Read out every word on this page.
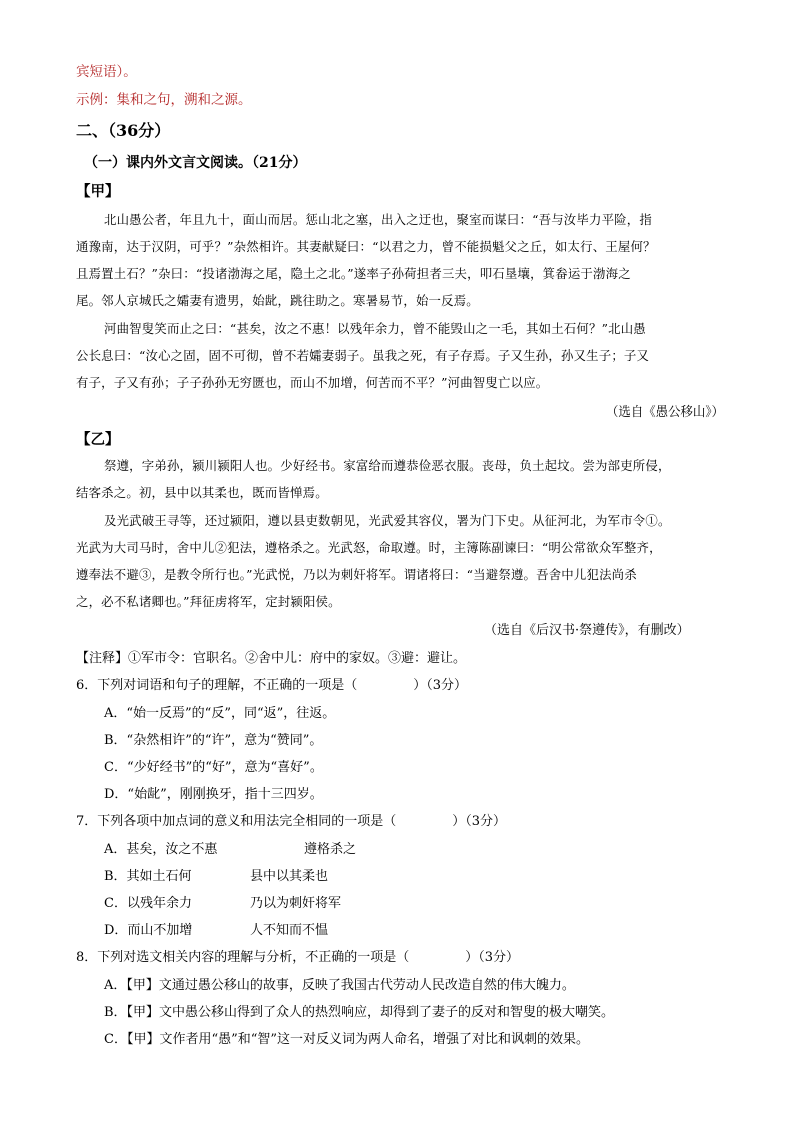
宾短语）。
示例：集和之句，溯和之源。
二、（36分）
（一）课内外文言文阅读。（21分）
【甲】
北山愚公者，年且九十，面山而居。惩山北之塞，出入之迂也，聚室而谋曰：“吾与汝毕力平险，指
通豫南，达于汉阴，可乎？”杂然相许。其妻献疑曰：“以君之力，曾不能损魁父之丘，如太行、王屋何？
且焉置土石？”杂曰：“投诸渤海之尾，隐土之北。”遂率子孙荷担者三夫，叩石垦壤，箕畚运于渤海之
尾。邻人京城氏之孀妻有遗男，始龀，跳往助之。寒暑易节，始一反焉。
河曲智叟笑而止之曰：“甚矣，汝之不惠！以残年余力，曾不能毁山之一毛，其如土石何？”北山愚
公长息曰：“汝心之固，固不可彻，曾不若孀妻弱子。虽我之死，有子存焉。子又生孙，孙又生子；子又
有子，子又有孙；子子孙孙无穷匮也，而山不加增，何苦而不平？”河曲智叟亡以应。
（选自《愚公移山》）
【乙】
祭遵，字弟孙，颍川颍阳人也。少好经书。家富给而遵恭俭恶衣服。丧母，负土起坟。尝为部吏所侵，
结客杀之。初，县中以其柔也，既而皆惮焉。
及光武破王寻等，还过颍阳，遵以县吏数朝见，光武爱其容仪，署为门下史。从征河北，为军市令①。
光武为大司马时，舍中儿②犯法，遵格杀之。光武怒，命取遵。时，主簿陈副谏曰：“明公常欲众军整齐，
遵奉法不避③，是教令所行也。”光武悦，乃以为刺奸将军。谓诸将曰：“当避祭遵。吾舍中儿犯法尚杀
之，必不私诸卿也。”拜征虏将军，定封颍阳侯。
（选自《后汉书·祭遵传》，有删改）
【注释】①军市令：官职名。②舍中儿：府中的家奴。③避：避让。
6．下列对词语和句子的理解，不正确的一项是（	）（3分）
A．“始一反焉”的“反”，同“返”，往返。
B．“杂然相许”的“许”，意为“赞同”。
C．“少好经书”的“好”，意为“喜好”。
D．“始龀”，刚刚换牙，指十三四岁。
7．下列各项中加点词的意义和用法完全相同的一项是（	）（3分）
A．甚矣，汝之不惠	遵格杀之
B．其如土石何	县中以其柔也
C．以残年余力	乃以为刺奸将军
D．而山不加增	人不知而不愠
8．下列对选文相关内容的理解与分析，不正确的一项是（	）（3分）
A．【甲】文通过愚公移山的故事，反映了我国古代劳动人民改造自然的伟大魄力。
B．【甲】文中愚公移山得到了众人的热烈响应，却得到了妻子的反对和智叟的极大嘲笑。
C．【甲】文作者用“愚”和“智”这一对反义词为两人命名，增强了对比和讽刺的效果。
